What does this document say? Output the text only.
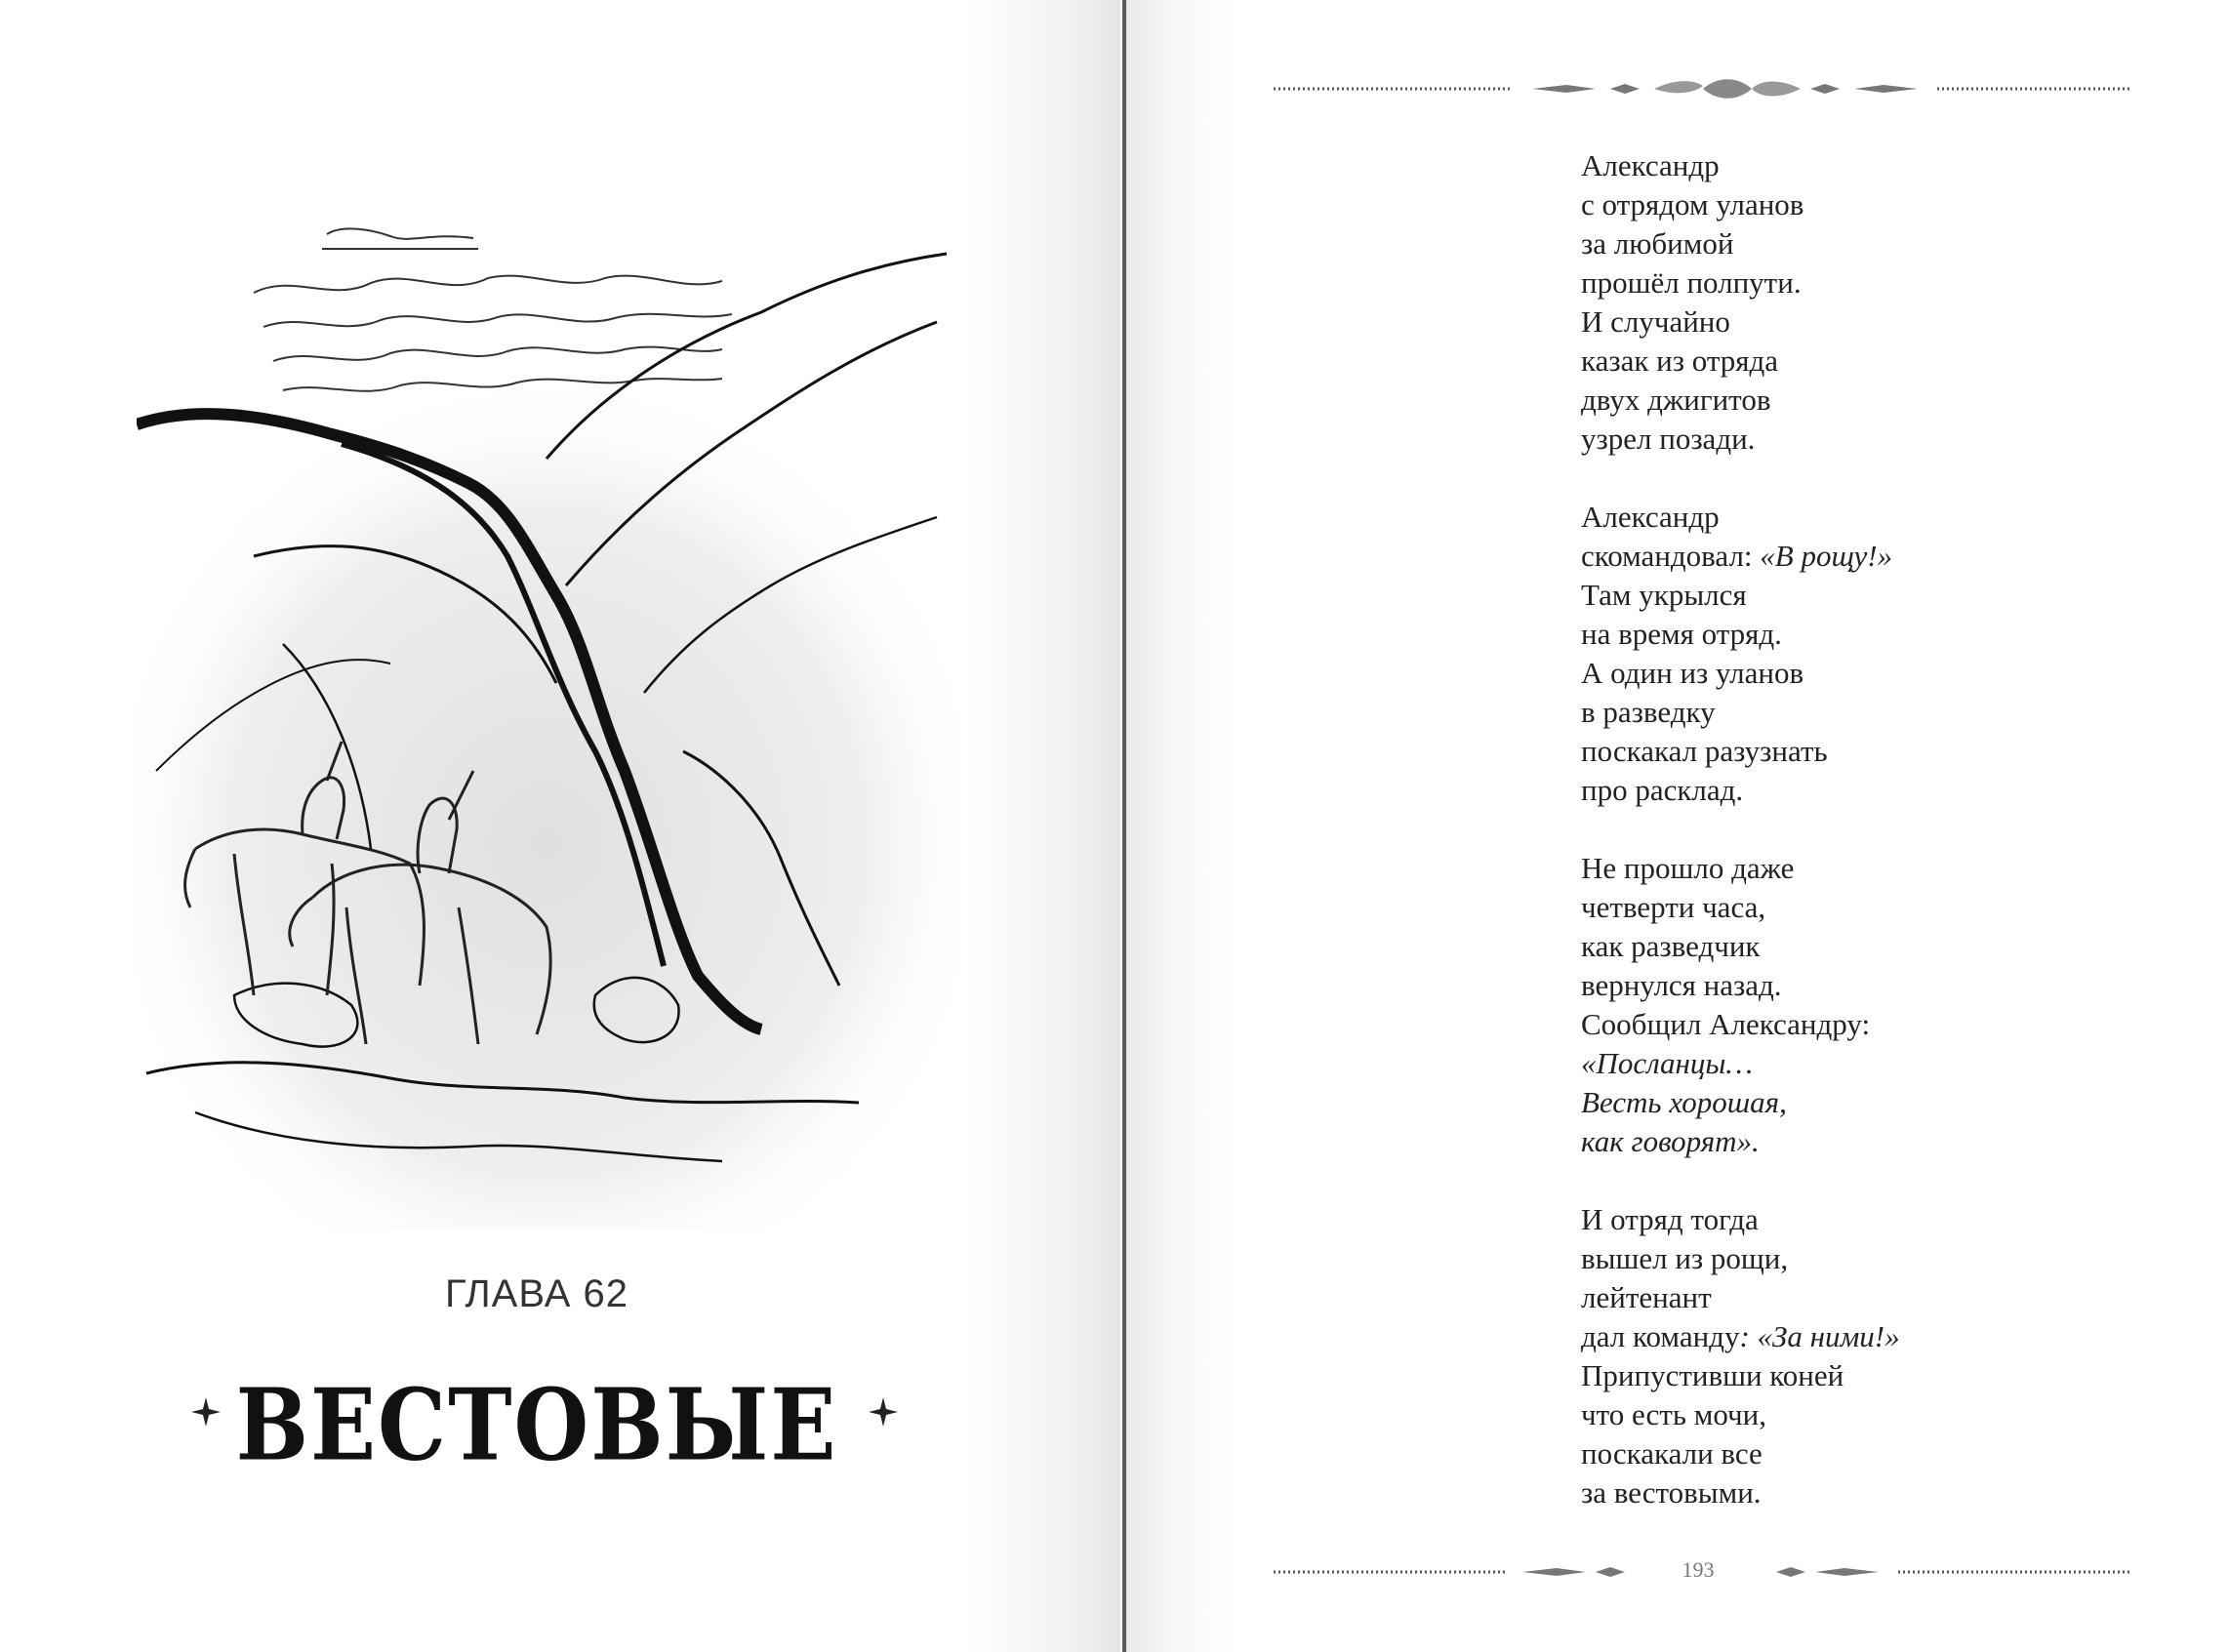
ГЛАВА 62
ВЕСТОВЫЕ
Александр
с отрядом уланов
за любимой
прошёл полпути.
И случайно
казак из отряда
двух джигитов
узрел позади.
Александр
скомандовал: «В рощу!»
Там укрылся
на время отряд.
А один из уланов
в разведку
поскакал разузнать
про расклад.
Не прошло даже
четверти часа,
как разведчик
вернулся назад.
Сообщил Александру:
«Посланцы…
Весть хорошая,
как говорят».
И отряд тогда
вышел из рощи,
лейтенант
дал команду: «За ними!»
Припустивши коней
что есть мочи,
поскакали все
за вестовыми.
193
